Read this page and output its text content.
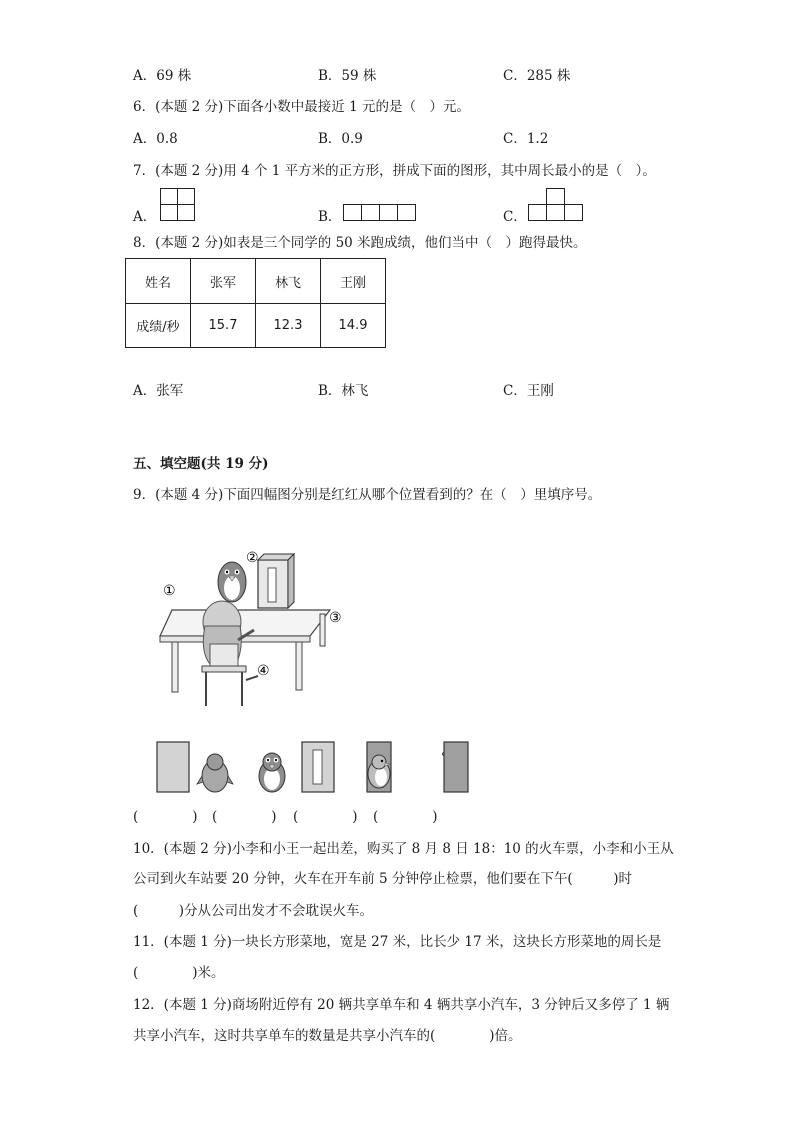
A．69 株	B．59 株	C．285 株
6．(本题 2 分)下面各小数中最接近 1 元的是（　）元。
A．0.8	B．0.9	C．1.2
7．(本题 2 分)用 4 个 1 平方米的正方形，拼成下面的图形，其中周长最小的是（　）。
A．	B．	C．
8．(本题 2 分)如表是三个同学的 50 米跑成绩，他们当中（　）跑得最快。
姓名	张军	林飞	王刚
成绩/秒	15.7	12.3	14.9
A．张军	B．林飞	C．王刚
五、填空题(共 19 分)
9．(本题 4 分)下面四幅图分别是红红从哪个位置看到的？在（　）里填序号。
①
②
③
④
(　　　　) (　　　　) (　　　　) (　　　　)
10．(本题 2 分)小李和小王一起出差，购买了 8 月 8 日 18：10 的火车票，小李和小王从
公司到火车站要 20 分钟，火车在开车前 5 分钟停止检票，他们要在下午(　　　)时
(　　　)分从公司出发才不会耽误火车。
11．(本题 1 分)一块长方形菜地，宽是 27 米，比长少 17 米，这块长方形菜地的周长是
(　　　　)米。
12．(本题 1 分)商场附近停有 20 辆共享单车和 4 辆共享小汽车，3 分钟后又多停了 1 辆
共享小汽车，这时共享单车的数量是共享小汽车的(　　　　)倍。
